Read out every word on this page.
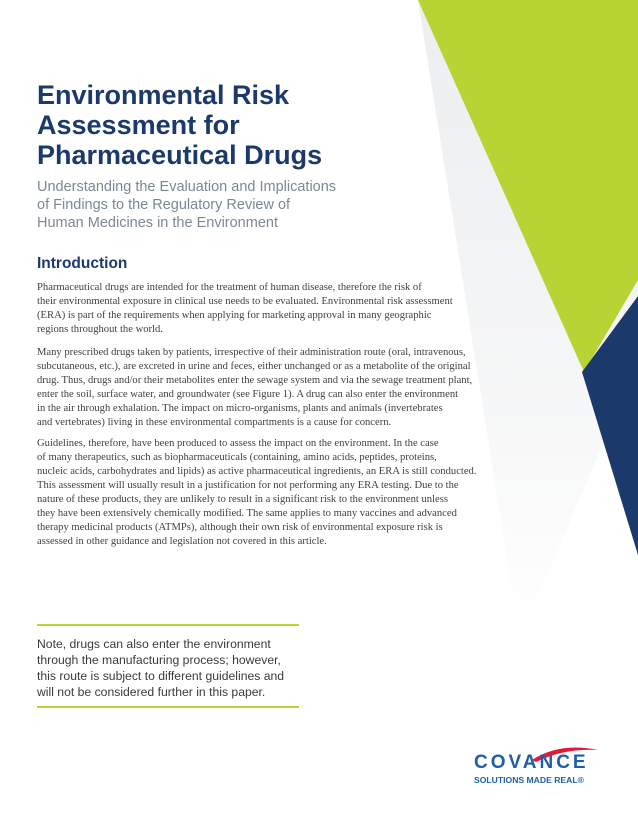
Environmental Risk
Assessment for
Pharmaceutical Drugs
Understanding the Evaluation and Implications
of Findings to the Regulatory Review of
Human Medicines in the Environment
Introduction
Pharmaceutical drugs are intended for the treatment of human disease, therefore the risk of
their environmental exposure in clinical use needs to be evaluated. Environmental risk assessment
(ERA) is part of the requirements when applying for marketing approval in many geographic
regions throughout the world.
Many prescribed drugs taken by patients, irrespective of their administration route (oral, intravenous,
subcutaneous, etc.), are excreted in urine and feces, either unchanged or as a metabolite of the original
drug. Thus, drugs and/or their metabolites enter the sewage system and via the sewage treatment plant,
enter the soil, surface water, and groundwater (see Figure 1). A drug can also enter the environment
in the air through exhalation. The impact on micro-organisms, plants and animals (invertebrates
and vertebrates) living in these environmental compartments is a cause for concern.
Guidelines, therefore, have been produced to assess the impact on the environment. In the case
of many therapeutics, such as biopharmaceuticals (containing, amino acids, peptides, proteins,
nucleic acids, carbohydrates and lipids) as active pharmaceutical ingredients, an ERA is still conducted.
This assessment will usually result in a justification for not performing any ERA testing. Due to the
nature of these products, they are unlikely to result in a significant risk to the environment unless
they have been extensively chemically modified. The same applies to many vaccines and advanced
therapy medicinal products (ATMPs), although their own risk of environmental exposure risk is
assessed in other guidance and legislation not covered in this article.
Note, drugs can also enter the environment
through the manufacturing process; however,
this route is subject to different guidelines and
will not be considered further in this paper.
COVANCE
SOLUTIONS MADE REAL®
